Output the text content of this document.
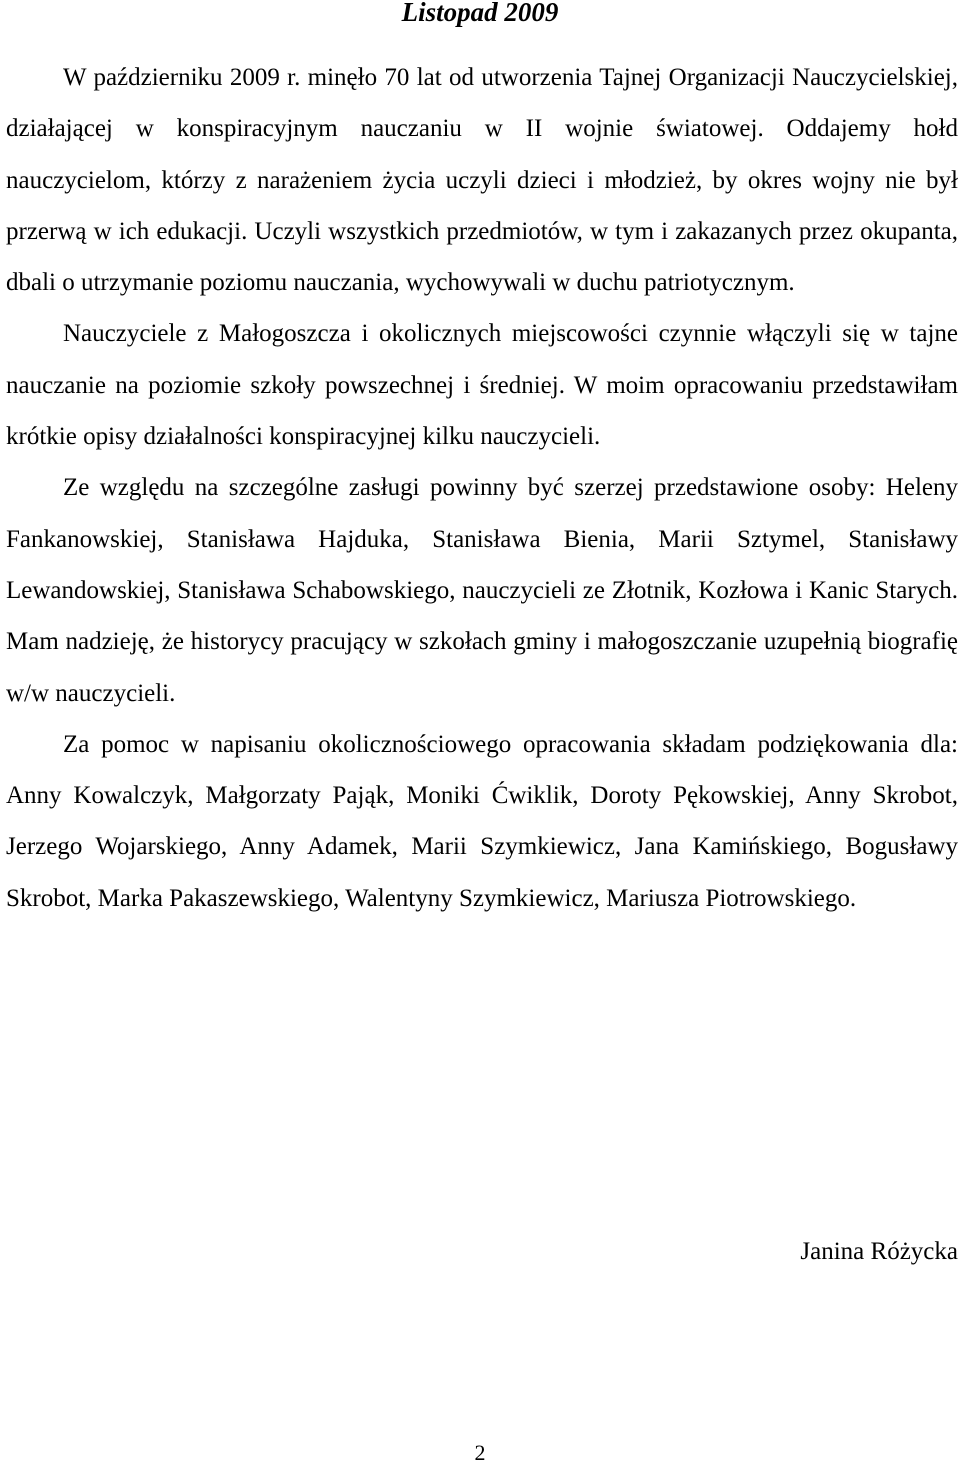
Listopad 2009

W październiku 2009 r. minęło 70 lat od utworzenia Tajnej Organizacji Nauczycielskiej, działającej w konspiracyjnym nauczaniu w II wojnie światowej. Oddajemy hołd nauczycielom, którzy z narażeniem życia uczyli dzieci i młodzież, by okres wojny nie był przerwą w ich edukacji. Uczyli wszystkich przedmiotów, w tym i zakazanych przez okupanta, dbali o utrzymanie poziomu nauczania, wychowywali w duchu patriotycznym.

Nauczyciele z Małogoszcza i okolicznych miejscowości czynnie włączyli się w tajne nauczanie na poziomie szkoły powszechnej i średniej. W moim opracowaniu przedstawiłam krótkie opisy działalności konspiracyjnej kilku nauczycieli.

Ze względu na szczególne zasługi powinny być szerzej przedstawione osoby: Heleny Fankanowskiej, Stanisława Hajduka, Stanisława Bienia, Marii Sztymel, Stanisławy Lewandowskiej, Stanisława Schabowskiego, nauczycieli ze Złotnik, Kozłowa i Kanic Starych. Mam nadzieję, że historycy pracujący w szkołach gminy i małogoszczanie uzupełnią biografię w/w nauczycieli.

Za pomoc w napisaniu okolicznościowego opracowania składam podziękowania dla: Anny Kowalczyk, Małgorzaty Pająk, Moniki Ćwiklik, Doroty Pękowskiej, Anny Skrobot, Jerzego Wojarskiego, Anny Adamek, Marii Szymkiewicz, Jana Kamińskiego, Bogusławy Skrobot, Marka Pakaszewskiego, Walentyny Szymkiewicz, Mariusza Piotrowskiego.

Janina Różycka
2
